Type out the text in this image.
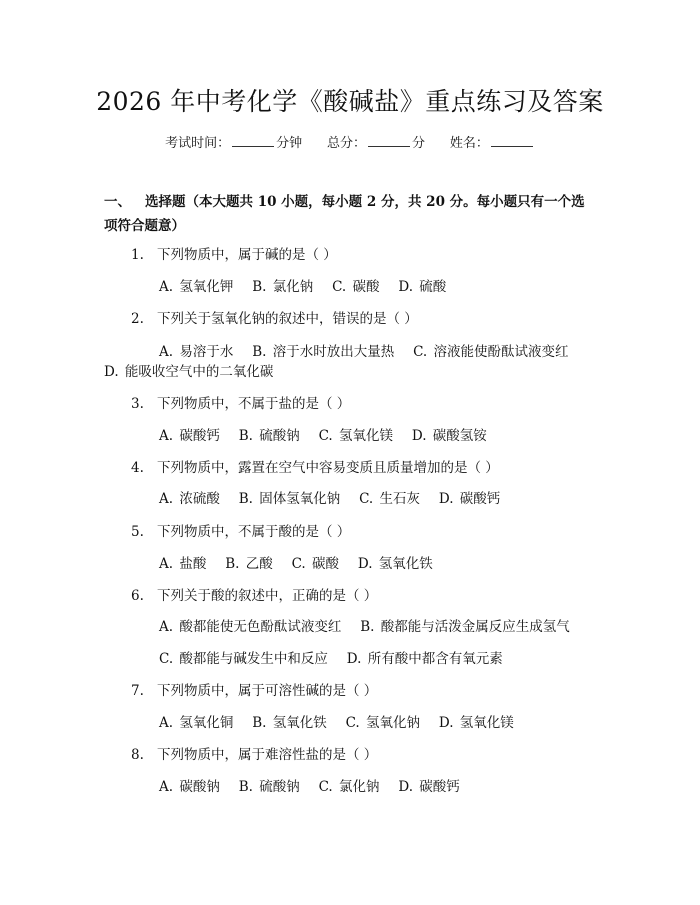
2026 年中考化学《酸碱盐》重点练习及答案
考试时间：	分钟 总分：	分 姓名：
一、 选择题（本大题共 10 小题，每小题 2 分，共 20 分。每小题只有一个选项符合题意）
1. 下列物质中，属于碱的是（ ）
A. 氢氧化钾   B. 氯化钠   C. 碳酸   D. 硫酸
2. 下列关于氢氧化钠的叙述中，错误的是（ ）
A. 易溶于水   B. 溶于水时放出大量热   C. 溶液能使酚酞试液变红
D. 能吸收空气中的二氧化碳
3. 下列物质中，不属于盐的是（ ）
A. 碳酸钙   B. 硫酸钠   C. 氢氧化镁   D. 碳酸氢铵
4. 下列物质中，露置在空气中容易变质且质量增加的是（ ）
A. 浓硫酸   B. 固体氢氧化钠   C. 生石灰   D. 碳酸钙
5. 下列物质中，不属于酸的是（ ）
A. 盐酸   B. 乙酸   C. 碳酸   D. 氢氧化铁
6. 下列关于酸的叙述中，正确的是（ ）
A. 酸都能使无色酚酞试液变红   B. 酸都能与活泼金属反应生成氢气
C. 酸都能与碱发生中和反应   D. 所有酸中都含有氧元素
7. 下列物质中，属于可溶性碱的是（ ）
A. 氢氧化铜   B. 氢氧化铁   C. 氢氧化钠   D. 氢氧化镁
8. 下列物质中，属于难溶性盐的是（ ）
A. 碳酸钠   B. 硫酸钠   C. 氯化钠   D. 碳酸钙
